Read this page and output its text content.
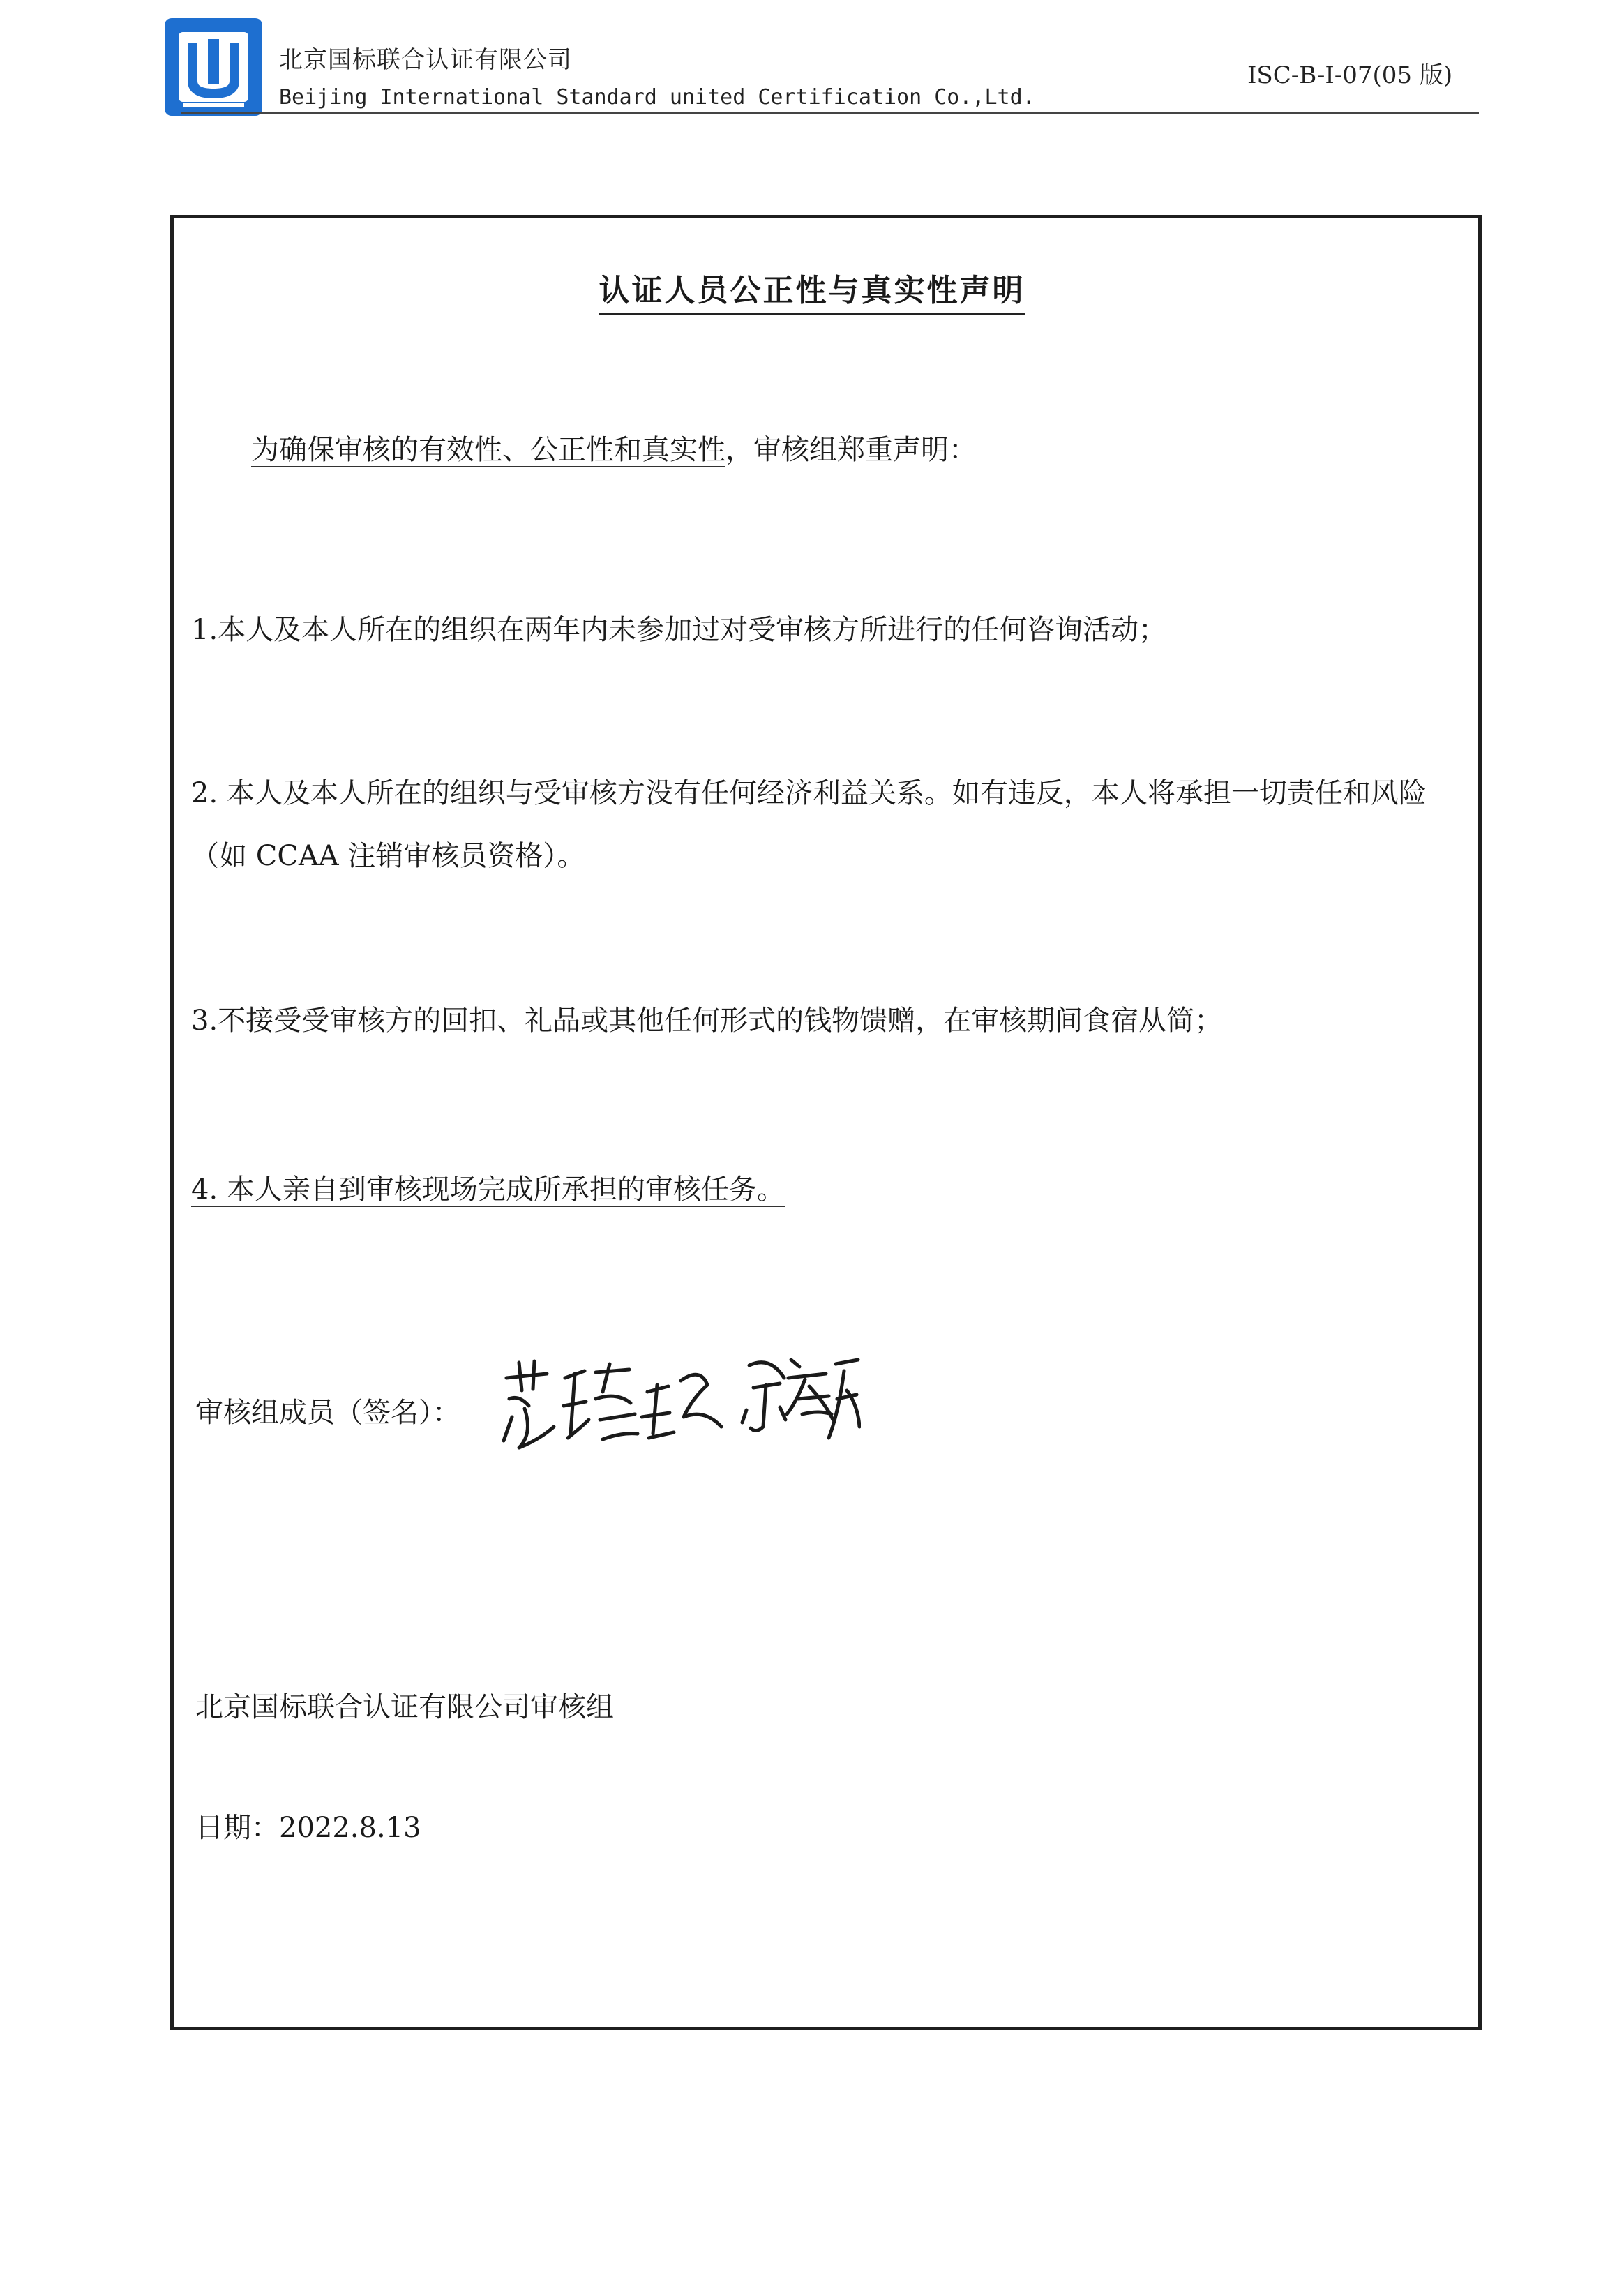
北京国标联合认证有限公司
Beijing International Standard united Certification Co.,Ltd.
ISC-B-I-07(05 版)
认证人员公正性与真实性声明
为确保审核的有效性、公正性和真实性，审核组郑重声明：
1.本人及本人所在的组织在两年内未参加过对受审核方所进行的任何咨询活动；
2. 本人及本人所在的组织与受审核方没有任何经济利益关系。如有违反，本人将承担一切责任和风险（如 CCAA 注销审核员资格）。
3.不接受受审核方的回扣、礼品或其他任何形式的钱物馈赠，在审核期间食宿从简；
4. 本人亲自到审核现场完成所承担的审核任务。
审核组成员（签名）：
北京国标联合认证有限公司审核组
日期：2022.8.13
